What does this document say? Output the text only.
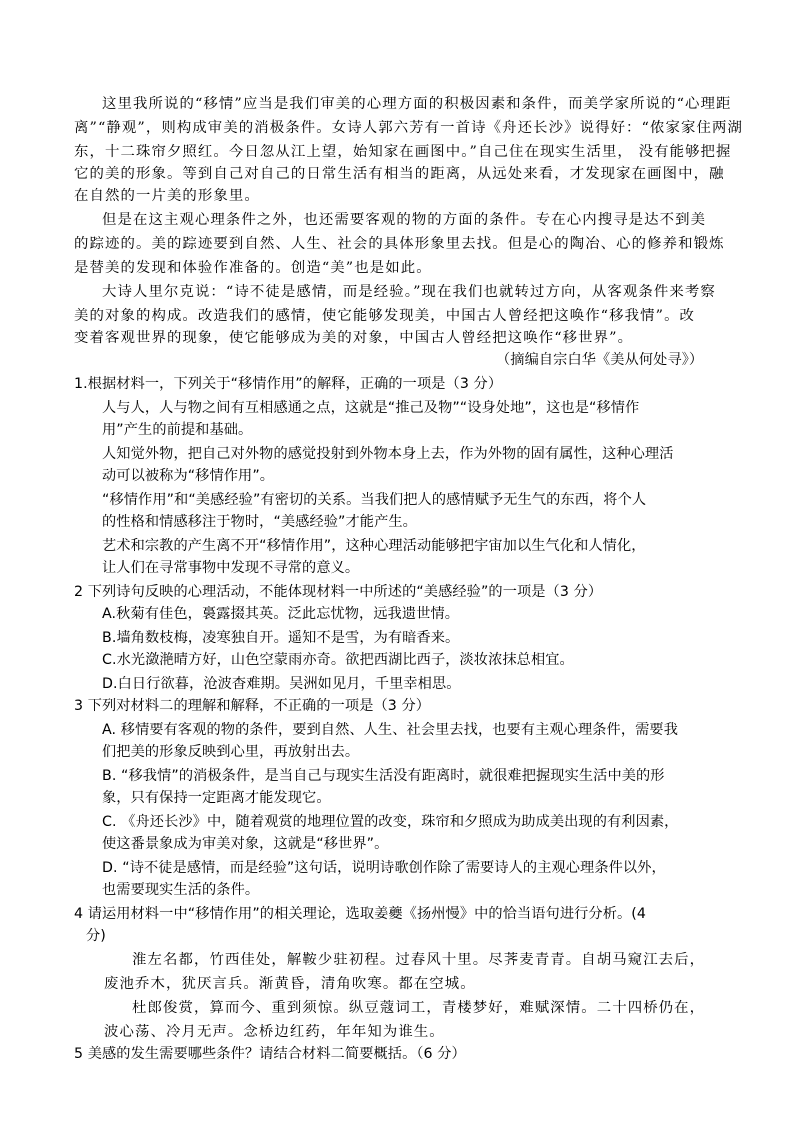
这里我所说的“移情”应当是我们审美的心理方面的积极因素和条件，而美学家所说的“心理距
离”“静观”，则构成审美的消极条件。女诗人郭六芳有一首诗《舟还长沙》说得好：“侬家家住两湖
东，十二珠帘夕照红。今日忽从江上望，始知家在画图中。”自己住在现实生活里， 没有能够把握
它的美的形象。等到自己对自己的日常生活有相当的距离，从远处来看，才发现家在画图中，融
在自然的一片美的形象里。
但是在这主观心理条件之外，也还需要客观的物的方面的条件。专在心内搜寻是达不到美
的踪迹的。美的踪迹要到自然、人生、社会的具体形象里去找。但是心的陶冶、心的修养和锻炼
是替美的发现和体验作准备的。创造“美”也是如此。
大诗人里尔克说：“诗不徒是感情，而是经验。”现在我们也就转过方向，从客观条件来考察
美的对象的构成。改造我们的感情，使它能够发现美，中国古人曾经把这唤作“移我情”。改
变着客观世界的现象，使它能够成为美的对象，中国古人曾经把这唤作“移世界”。
（摘编自宗白华《美从何处寻》）
1.根据材料一，下列关于“移情作用”的解释，正确的一项是（3 分）
人与人，人与物之间有互相感通之点，这就是“推己及物”“设身处地”，这也是“移情作
用”产生的前提和基础。
人知觉外物，把自己对外物的感觉投射到外物本身上去，作为外物的固有属性，这种心理活
动可以被称为“移情作用”。
“移情作用”和“美感经验”有密切的关系。当我们把人的感情赋予无生气的东西，将个人
的性格和情感移注于物时，“美感经验”才能产生。
艺术和宗教的产生离不开“移情作用”，这种心理活动能够把宇宙加以生气化和人情化，
让人们在寻常事物中发现不寻常的意义。
2 下列诗句反映的心理活动，不能体现材料一中所述的“美感经验”的一项是（3 分）
A.秋菊有佳色，裛露掇其英。泛此忘忧物，远我遗世情。
B.墙角数枝梅，凌寒独自开。遥知不是雪，为有暗香来。
C.水光潋滟晴方好，山色空蒙雨亦奇。欲把西湖比西子，淡妆浓抹总相宜。
D.白日行欲暮，沧波杳难期。吴洲如见月，千里幸相思。
3 下列对材料二的理解和解释，不正确的一项是（3 分）
A. 移情要有客观的物的条件，要到自然、人生、社会里去找，也要有主观心理条件，需要我
们把美的形象反映到心里，再放射出去。
B. “移我情”的消极条件，是当自己与现实生活没有距离时，就很难把握现实生活中美的形
象，只有保持一定距离才能发现它。
C. 《舟还长沙》中，随着观赏的地理位置的改变，珠帘和夕照成为助成美出现的有利因素，
使这番景象成为审美对象，这就是“移世界”。
D. “诗不徒是感情，而是经验”这句话，说明诗歌创作除了需要诗人的主观心理条件以外，
也需要现实生活的条件。
4 请运用材料一中“移情作用”的相关理论，选取姜夔《扬州慢》中的恰当语句进行分析。(4
分)
淮左名都，竹西佳处，解鞍少驻初程。过春风十里。尽荠麦青青。自胡马窥江去后，
废池乔木，犹厌言兵。渐黄昏，清角吹寒。都在空城。
杜郎俊赏，算而今、重到须惊。纵豆蔻词工，青楼梦好，难赋深情。二十四桥仍在，
波心荡、冷月无声。念桥边红药，年年知为谁生。
5 美感的发生需要哪些条件？请结合材料二简要概括。（6 分）
